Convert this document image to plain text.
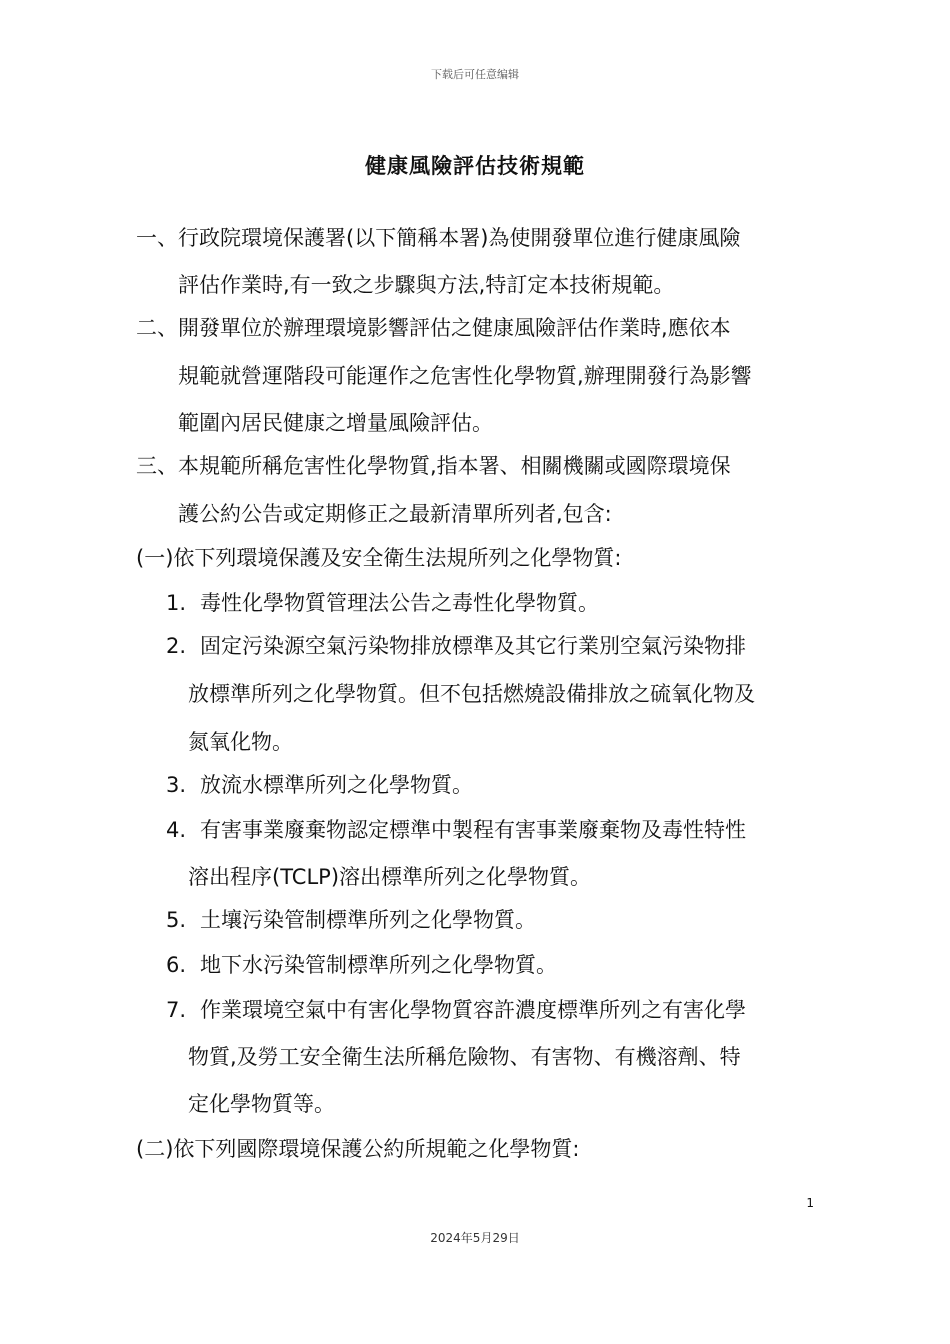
下载后可任意编辑
健康風險評估技術規範
一、行政院環境保護署(以下簡稱本署)為使開發單位進行健康風險
評估作業時,有一致之步驟與方法,特訂定本技術規範。
二、開發單位於辦理環境影響評估之健康風險評估作業時,應依本
規範就營運階段可能運作之危害性化學物質,辦理開發行為影響
範圍內居民健康之增量風險評估。
三、本規範所稱危害性化學物質,指本署、相關機關或國際環境保
護公約公告或定期修正之最新清單所列者,包含:
(一)依下列環境保護及安全衛生法規所列之化學物質:
1. 毒性化學物質管理法公告之毒性化學物質。
2. 固定污染源空氣污染物排放標準及其它行業別空氣污染物排
放標準所列之化學物質。但不包括燃燒設備排放之硫氧化物及
氮氧化物。
3. 放流水標準所列之化學物質。
4. 有害事業廢棄物認定標準中製程有害事業廢棄物及毒性特性
溶出程序(TCLP)溶出標準所列之化學物質。
5. 土壤污染管制標準所列之化學物質。
6. 地下水污染管制標準所列之化學物質。
7. 作業環境空氣中有害化學物質容許濃度標準所列之有害化學
物質,及勞工安全衛生法所稱危險物、有害物、有機溶劑、特
定化學物質等。
(二)依下列國際環境保護公約所規範之化學物質:
1
2024年5月29日
